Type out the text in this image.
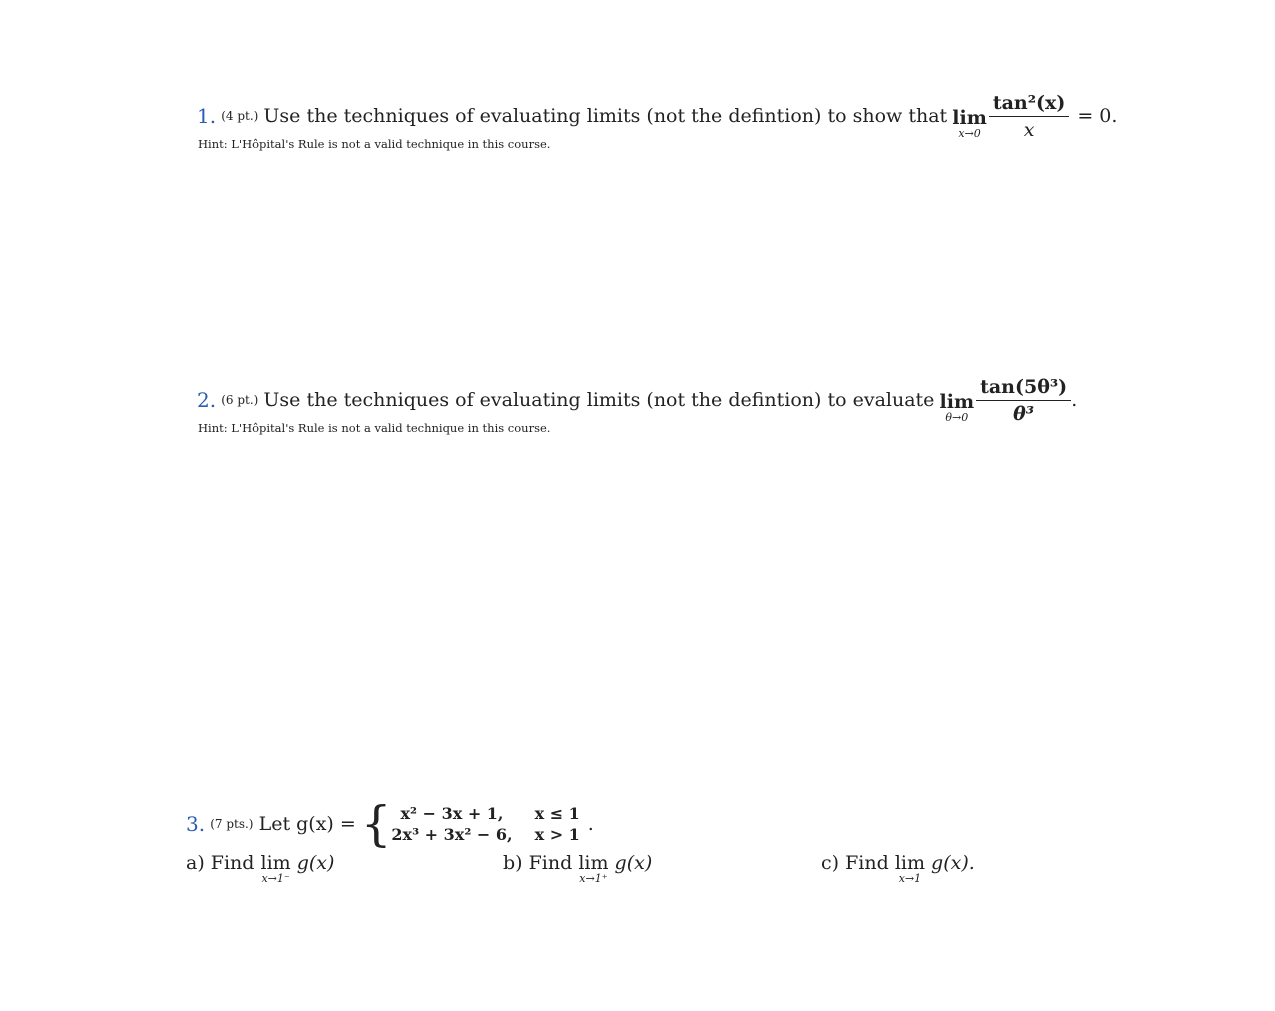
1.
(4 pt.)
Use the techniques of evaluating limits (not the defintion) to show that
lim
$x\to 0 \frac{\text{tan²(x)}}{x} = 0$.
Hint: L'Hôpital's Rule is not a valid technique in this course.
2.
(6 pt.)
Use the techniques of evaluating limits (not the defintion) to evaluate
lim
$\theta\to 0 \frac{\text{tan(5θ³)}}{\text{θ³}}$ .
Hint: L'Hôpital's Rule is not a valid technique in this course.
3.
(7 pts.)
Let g(x) =
{ x² − 3x + 1,	x ≤ 1
2x³ + 3x² − 6, x > 1 .
a) Find
lim
x→1⁻

g(x)	b) Find
lim
x→1⁺

g(x)	c) Find
lim
x→1

g(x).
